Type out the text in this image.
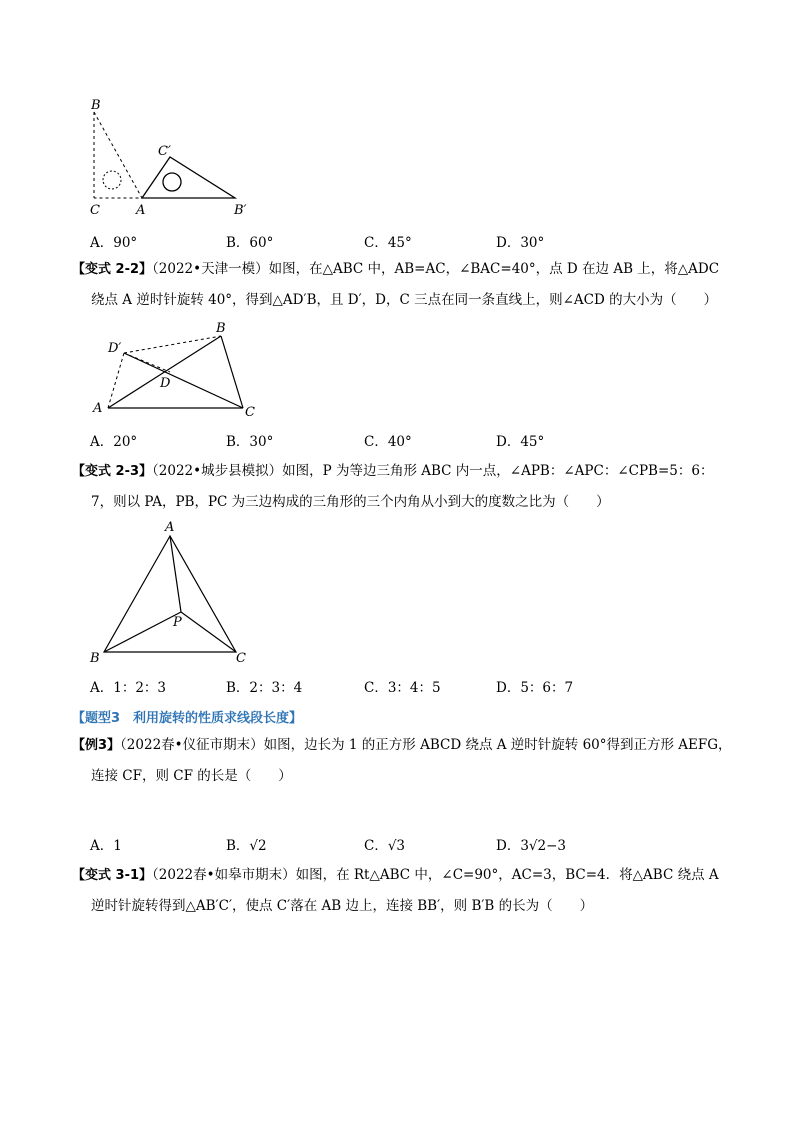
B
C′
C	A	B′
A．90°	B．60°	C．45°	D．30°
【变式 2-2】（2022•天津一模）如图，在△ABC 中，AB=AC，∠BAC=40°，点 D 在边 AB 上，将△ADC
绕点 A 逆时针旋转 40°，得到△AD′B，且 D′，D，C 三点在同一条直线上，则∠ACD 的大小为（　　）
B
D′
D
A	C
A．20°	B．30°	C．40°	D．45°
【变式 2-3】（2022•城步县模拟）如图，P 为等边三角形 ABC 内一点，∠APB：∠APC：∠CPB=5：6：
7，则以 PA，PB，PC 为三边构成的三角形的三个内角从小到大的度数之比为（　　）
A
P
B	C
A．1：2：3	B．2：3：4	C．3：4：5	D．5：6：7
【题型3　利用旋转的性质求线段长度】
【例3】（2022春•仪征市期末）如图，边长为 1 的正方形 ABCD 绕点 A 逆时针旋转 60°得到正方形 AEFG，
连接 CF，则 CF 的长是（　　）
A．1	B．√2	C．√3	D．3√2−3
【变式 3-1】（2022春•如皋市期末）如图，在 Rt△ABC 中，∠C=90°，AC=3，BC=4．将△ABC 绕点 A
逆时针旋转得到△AB′C′，使点 C′落在 AB 边上，连接 BB′，则 B′B 的长为（　　）
